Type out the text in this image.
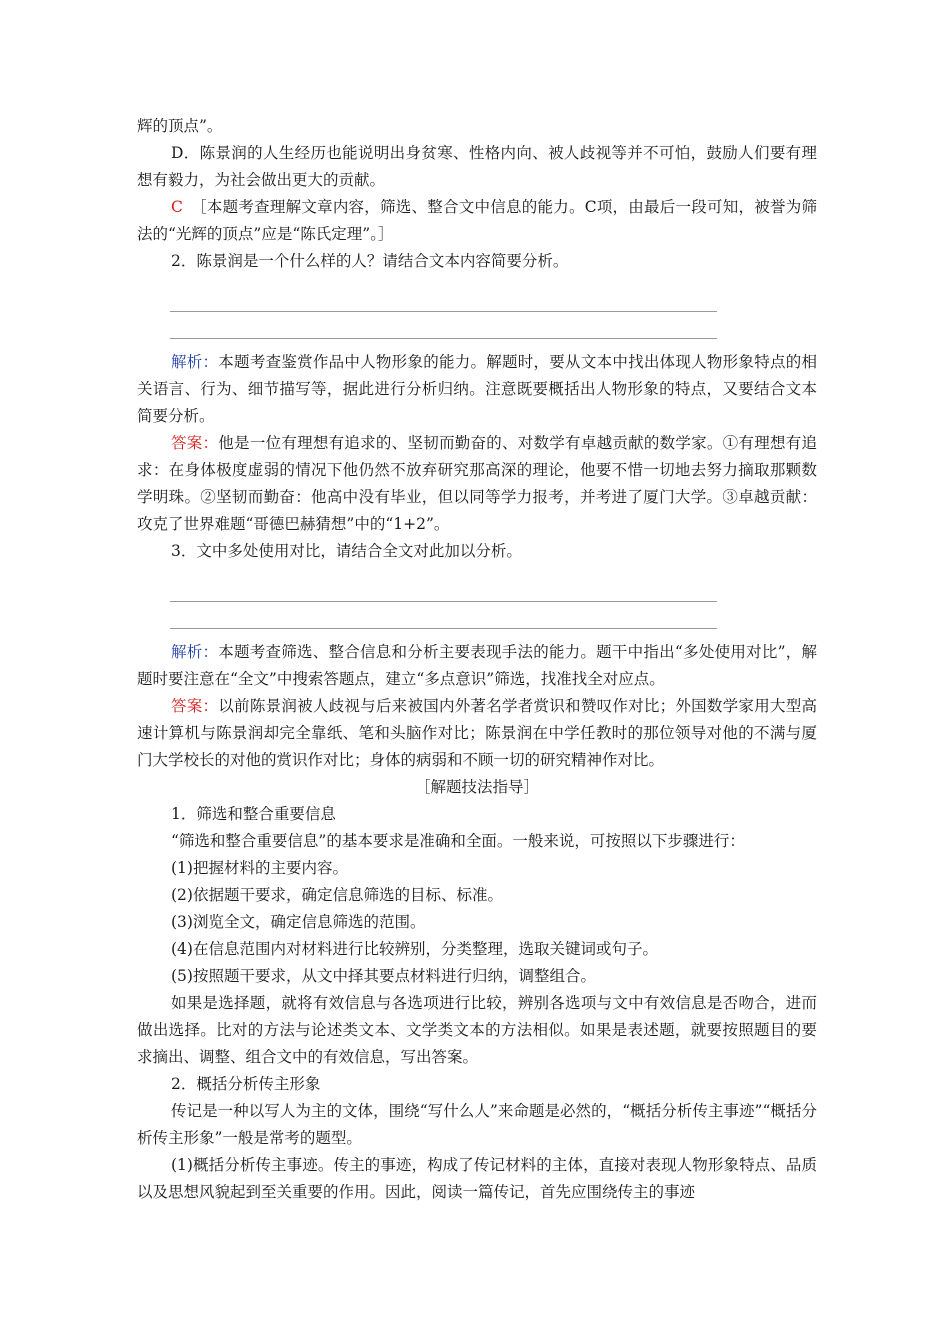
辉的顶点”。

D．陈景润的人生经历也能说明出身贫寒、性格内向、被人歧视等并不可怕，鼓励人们要有理想有毅力，为社会做出更大的贡献。

C　 ［本题考查理解文章内容，筛选、整合文中信息的能力。C项，由最后一段可知，被誉为筛法的“光辉的顶点”应是“陈氏定理”。］

2．陈景润是一个什么样的人？请结合文本内容简要分析。

解析：本题考查鉴赏作品中人物形象的能力。解题时，要从文本中找出体现人物形象特点的相关语言、行为、细节描写等，据此进行分析归纳。注意既要概括出人物形象的特点，又要结合文本简要分析。

答案：他是一位有理想有追求的、坚韧而勤奋的、对数学有卓越贡献的数学家。①有理想有追求：在身体极度虚弱的情况下他仍然不放弃研究那高深的理论，他要不惜一切地去努力摘取那颗数学明珠。②坚韧而勤奋：他高中没有毕业，但以同等学力报考，并考进了厦门大学。③卓越贡献：攻克了世界难题“哥德巴赫猜想”中的“1+2”。

3．文中多处使用对比，请结合全文对此加以分析。

解析：本题考查筛选、整合信息和分析主要表现手法的能力。题干中指出“多处使用对比”，解题时要注意在“全文”中搜索答题点，建立“多点意识”筛选，找准找全对应点。

答案：以前陈景润被人歧视与后来被国内外著名学者赏识和赞叹作对比；外国数学家用大型高速计算机与陈景润却完全靠纸、笔和头脑作对比；陈景润在中学任教时的那位领导对他的不满与厦门大学校长的对他的赏识作对比；身体的病弱和不顾一切的研究精神作对比。

［解题技法指导］

1．筛选和整合重要信息

“筛选和整合重要信息”的基本要求是准确和全面。一般来说，可按照以下步骤进行：

(1)把握材料的主要内容。

(2)依据题干要求，确定信息筛选的目标、标准。

(3)浏览全文，确定信息筛选的范围。

(4)在信息范围内对材料进行比较辨别，分类整理，选取关键词或句子。

(5)按照题干要求，从文中择其要点材料进行归纳，调整组合。

如果是选择题，就将有效信息与各选项进行比较，辨别各选项与文中有效信息是否吻合，进而做出选择。比对的方法与论述类文本、文学类文本的方法相似。如果是表述题，就要按照题目的要求摘出、调整、组合文中的有效信息，写出答案。

2．概括分析传主形象

传记是一种以写人为主的文体，围绕“写什么人”来命题是必然的，“概括分析传主事迹”“概括分析传主形象”一般是常考的题型。

(1)概括分析传主事迹。传主的事迹，构成了传记材料的主体，直接对表现人物形象特点、品质以及思想风貌起到至关重要的作用。因此，阅读一篇传记，首先应围绕传主的事迹
